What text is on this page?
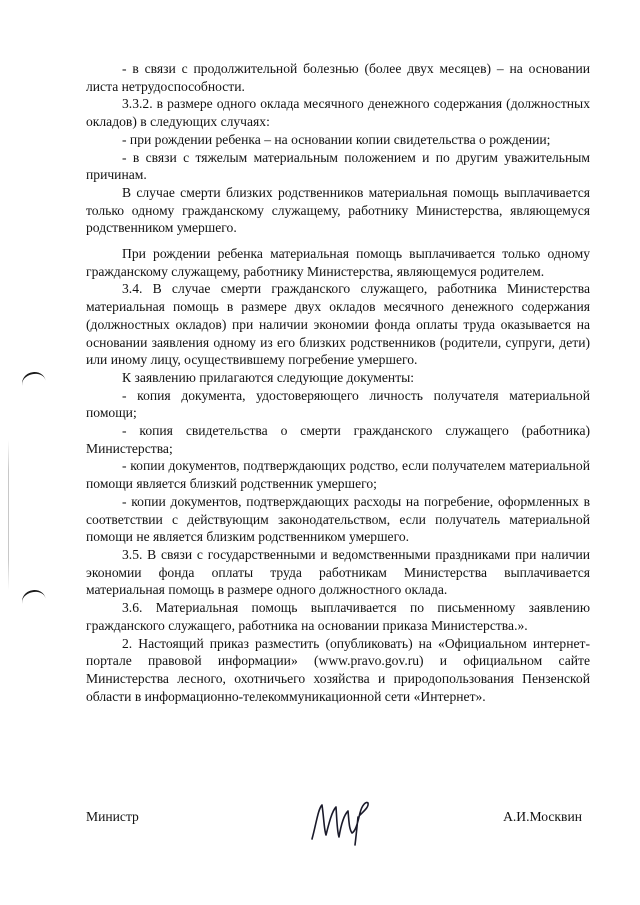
- в связи с продолжительной болезнью (более двух месяцев) – на основании листа нетрудоспособности.

3.3.2. в размере одного оклада месячного денежного содержания (должностных окладов) в следующих случаях:

- при рождении ребенка – на основании копии свидетельства о рождении;

- в связи с тяжелым материальным положением и по другим уважительным причинам.

В случае смерти близких родственников материальная помощь выплачивается только одному гражданскому служащему, работнику Министерства, являющемуся родственником умершего.

При рождении ребенка материальная помощь выплачивается только одному гражданскому служащему, работнику Министерства, являющемуся родителем.

3.4. В случае смерти гражданского служащего, работника Министерства материальная помощь в размере двух окладов месячного денежного содержания (должностных окладов) при наличии экономии фонда оплаты труда оказывается на основании заявления одному из его близких родственников (родители, супруги, дети) или иному лицу, осуществившему погребение умершего.

К заявлению прилагаются следующие документы:

- копия документа, удостоверяющего личность получателя материальной помощи;

- копия свидетельства о смерти гражданского служащего (работника) Министерства;

- копии документов, подтверждающих родство, если получателем материальной помощи является близкий родственник умершего;

- копии документов, подтверждающих расходы на погребение, оформленных в соответствии с действующим законодательством, если получатель материальной помощи не является близким родственником умершего.

3.5. В связи с государственными и ведомственными праздниками при наличии экономии фонда оплаты труда работникам Министерства выплачивается материальная помощь в размере одного должностного оклада.

3.6. Материальная помощь выплачивается по письменному заявлению гражданского служащего, работника на основании приказа Министерства.».

2. Настоящий приказ разместить (опубликовать) на «Официальном интернет-портале правовой информации» (www.pravo.gov.ru) и официальном сайте Министерства лесного, охотничьего хозяйства и природопользования Пензенской области в информационно-телекоммуникационной сети «Интернет».

Министр	А.И.Москвин
